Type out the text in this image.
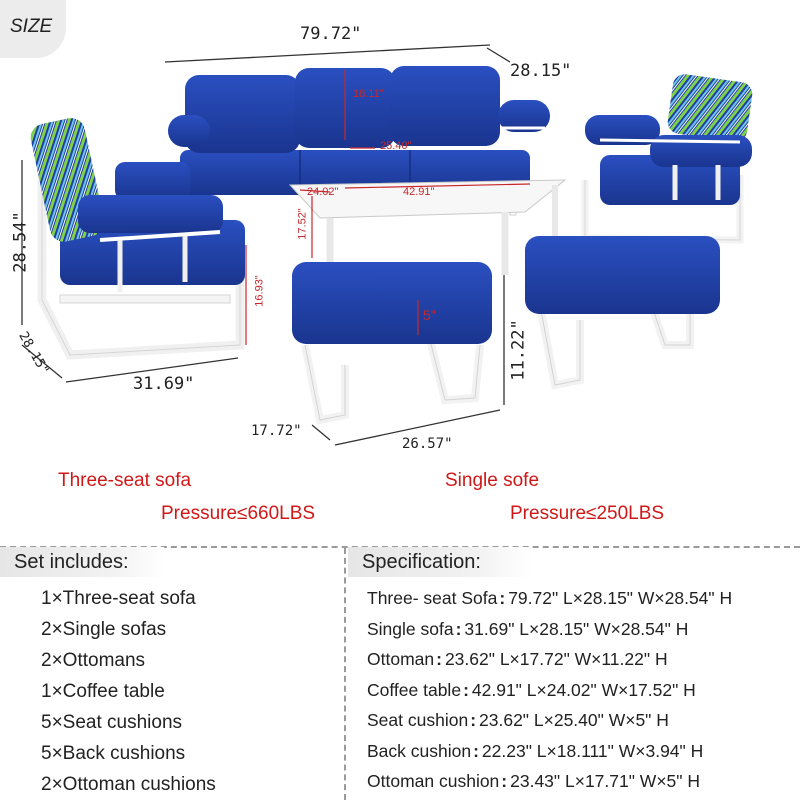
SIZE	79.72"
28.15"
28.54"
28.15"
31.69"
17.72"
26.57"
11.22"
18.11"
25.40"
24.02"	42.91"
17.52"
16.93"
5"
Three-seat sofa
Pressure≤660LBS
Single sofe
Pressure≤250LBS
Set includes:
1×Three-seat sofa
2×Single sofas
2×Ottomans
1×Coffee table
5×Seat cushions
5×Back cushions
2×Ottoman cushions
Specification:
Three- seat Sofa : 79.72" L×28.15" W×28.54" H
Single sofa : 31.69" L×28.15" W×28.54" H
Ottoman : 23.62" L×17.72" W×11.22" H
Coffee table : 42.91" L×24.02" W×17.52" H
Seat cushion : 23.62" L×25.40" W×5" H
Back cushion : 22.23" L×18.111" W×3.94" H
Ottoman cushion : 23.43" L×17.71" W×5" H
